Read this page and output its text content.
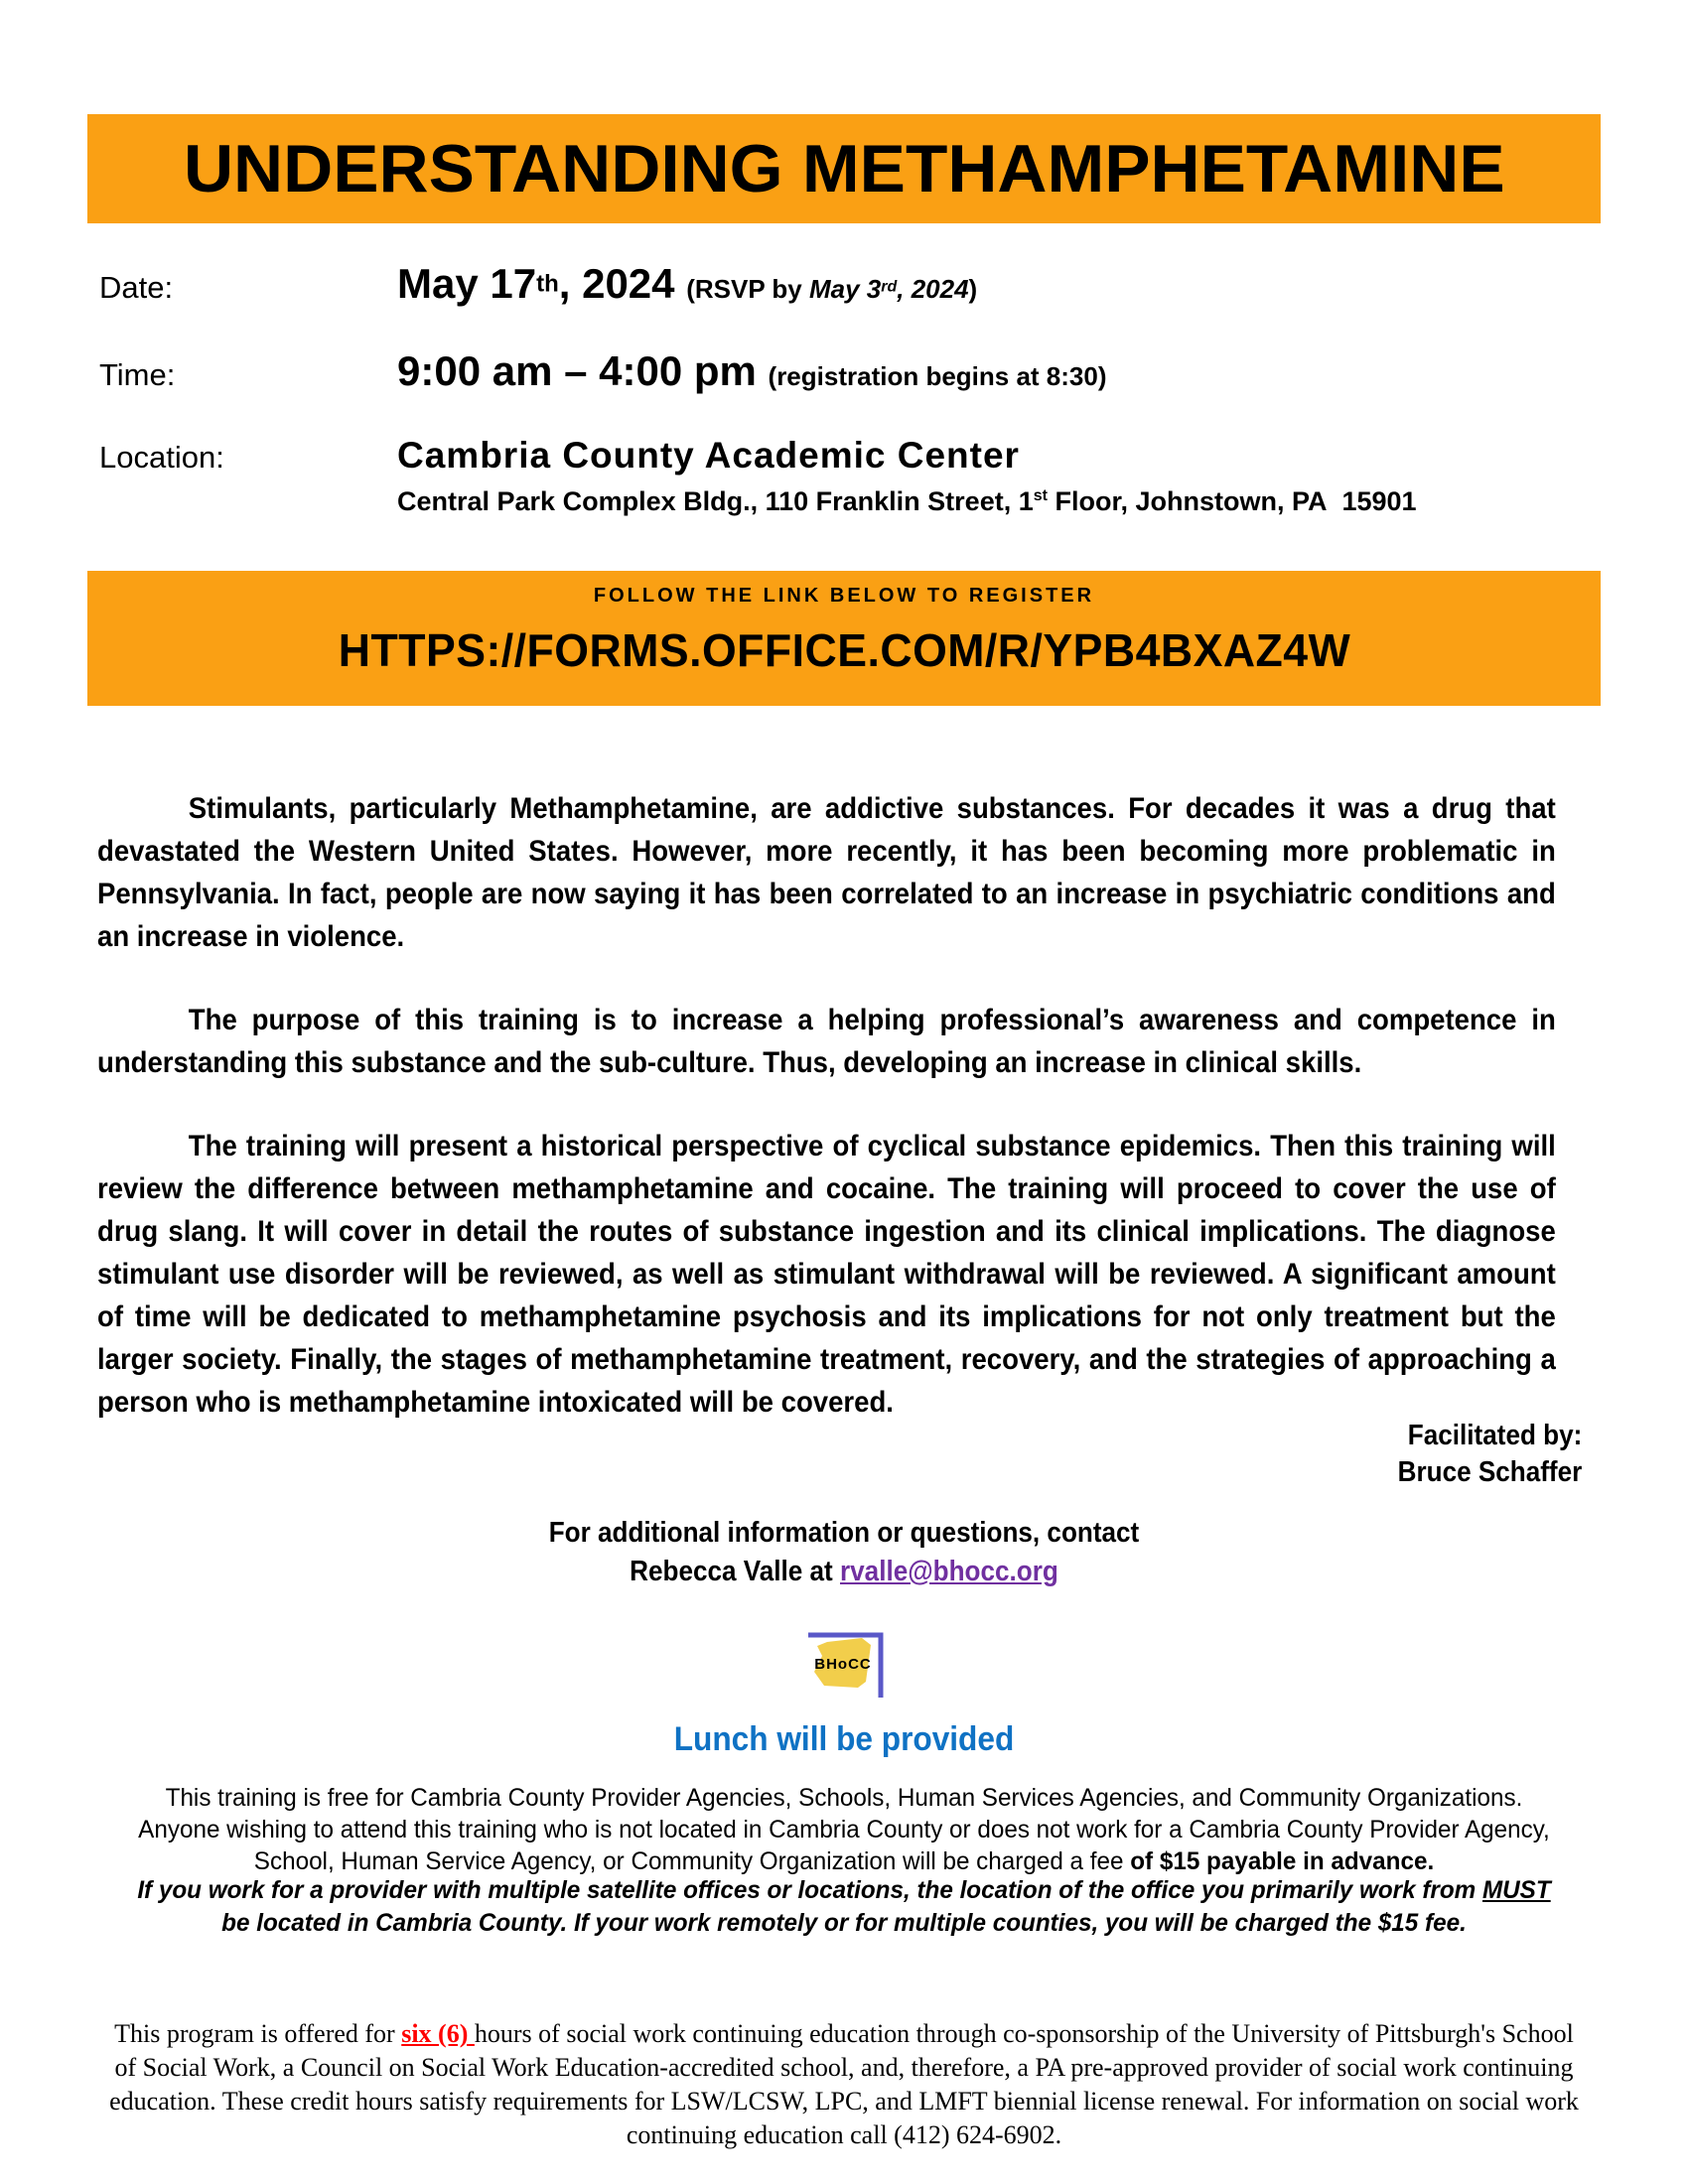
UNDERSTANDING METHAMPHETAMINE
Date:	May 17th, 2024 (RSVP by May 3rd, 2024)
Time:	9:00 am – 4:00 pm (registration begins at 8:30)
Location:	Cambria County Academic Center
Central Park Complex Bldg., 110 Franklin Street, 1st Floor, Johnstown, PA  15901
FOLLOW THE LINK BELOW TO REGISTER
HTTPS://FORMS.OFFICE.COM/R/YPB4BXAZ4W

Stimulants, particularly Methamphetamine, are addictive substances. For decades it was a drug that devastated the Western United States. However, more recently, it has been becoming more problematic in Pennsylvania. In fact, people are now saying it has been correlated to an increase in psychiatric conditions and an increase in violence.

The purpose of this training is to increase a helping professional’s awareness and competence in understanding this substance and the sub-culture. Thus, developing an increase in clinical skills.

The training will present a historical perspective of cyclical substance epidemics. Then this training will review the difference between methamphetamine and cocaine. The training will proceed to cover the use of drug slang. It will cover in detail the routes of substance ingestion and its clinical implications. The diagnose stimulant use disorder will be reviewed, as well as stimulant withdrawal will be reviewed. A significant amount of time will be dedicated to methamphetamine psychosis and its implications for not only treatment but the larger society. Finally, the stages of methamphetamine treatment, recovery, and the strategies of approaching a person who is methamphetamine intoxicated will be covered.

Facilitated by:
Bruce Schaffer
For additional information or questions, contact
Rebecca Valle at rvalle@bhocc.org
BHoCC
Lunch will be provided
This training is free for Cambria County Provider Agencies, Schools, Human Services Agencies, and Community Organizations. Anyone wishing to attend this training who is not located in Cambria County or does not work for a Cambria County Provider Agency, School, Human Service Agency, or Community Organization will be charged a fee of $15 payable in advance.
If you work for a provider with multiple satellite offices or locations, the location of the office you primarily work from MUST be located in Cambria County. If your work remotely or for multiple counties, you will be charged the $15 fee.
This program is offered for six (6) hours of social work continuing education through co-sponsorship of the University of Pittsburgh's School of Social Work, a Council on Social Work Education-accredited school, and, therefore, a PA pre-approved provider of social work continuing education. These credit hours satisfy requirements for LSW/LCSW, LPC, and LMFT biennial license renewal. For information on social work continuing education call (412) 624-6902.
